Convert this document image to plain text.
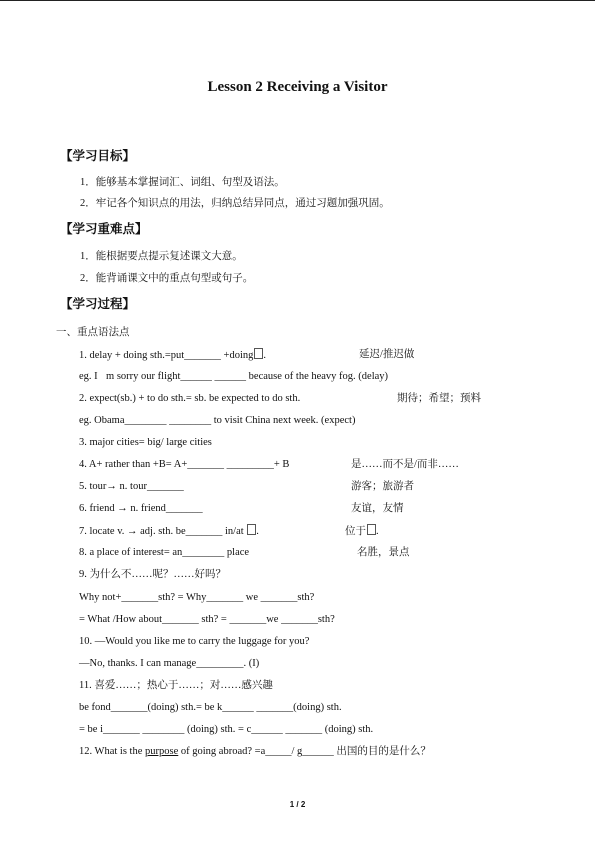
Lesson 2 Receiving a Visitor
【学习目标】
1．能够基本掌握词汇、词组、句型及语法。
2．牢记各个知识点的用法，归纳总结异同点，通过习题加强巩固。
【学习重难点】
1．能根据要点提示复述课文大意。
2．能背诵课文中的重点句型或句子。
【学习过程】
一、重点语法点
1. delay + doing sth.=put_______ +doing .	延迟/推迟做
eg. Im sorry our flight______ ______ because of the heavy fog. (delay)
2. expect(sb.) + to do sth.= sb. be expected to do sth.	期待；希望；预料
eg. Obama________ ________ to visit China next week. (expect)
3. major cities= big/ large cities
4. A+ rather than +B= A+_______ _________+ B	是……而不是/而非……
5. tour→ n. tour_______	游客；旅游者
6. friend → n. friend_______	友谊，友情
7. locate v. → adj. sth. be_______ in/at .	位于 .
8. a place of interest= an________ place	名胜，景点
9. 为什么不……呢？……好吗？
Why not+_______sth? = Why_______ we _______sth?
= What /How about_______ sth? = _______we _______sth?
10. —Would you like me to carry the luggage for you?
—No, thanks. I can manage_________. (I)
11. 喜爱……；热心于……；对……感兴趣
be fond_______(doing) sth.= be k______ _______(doing) sth.
= be i_______ ________ (doing) sth. = c______ _______ (doing) sth.
12. What is the purpose of going abroad? =a_____/ g______ 出国的目的是什么？
1 / 2
